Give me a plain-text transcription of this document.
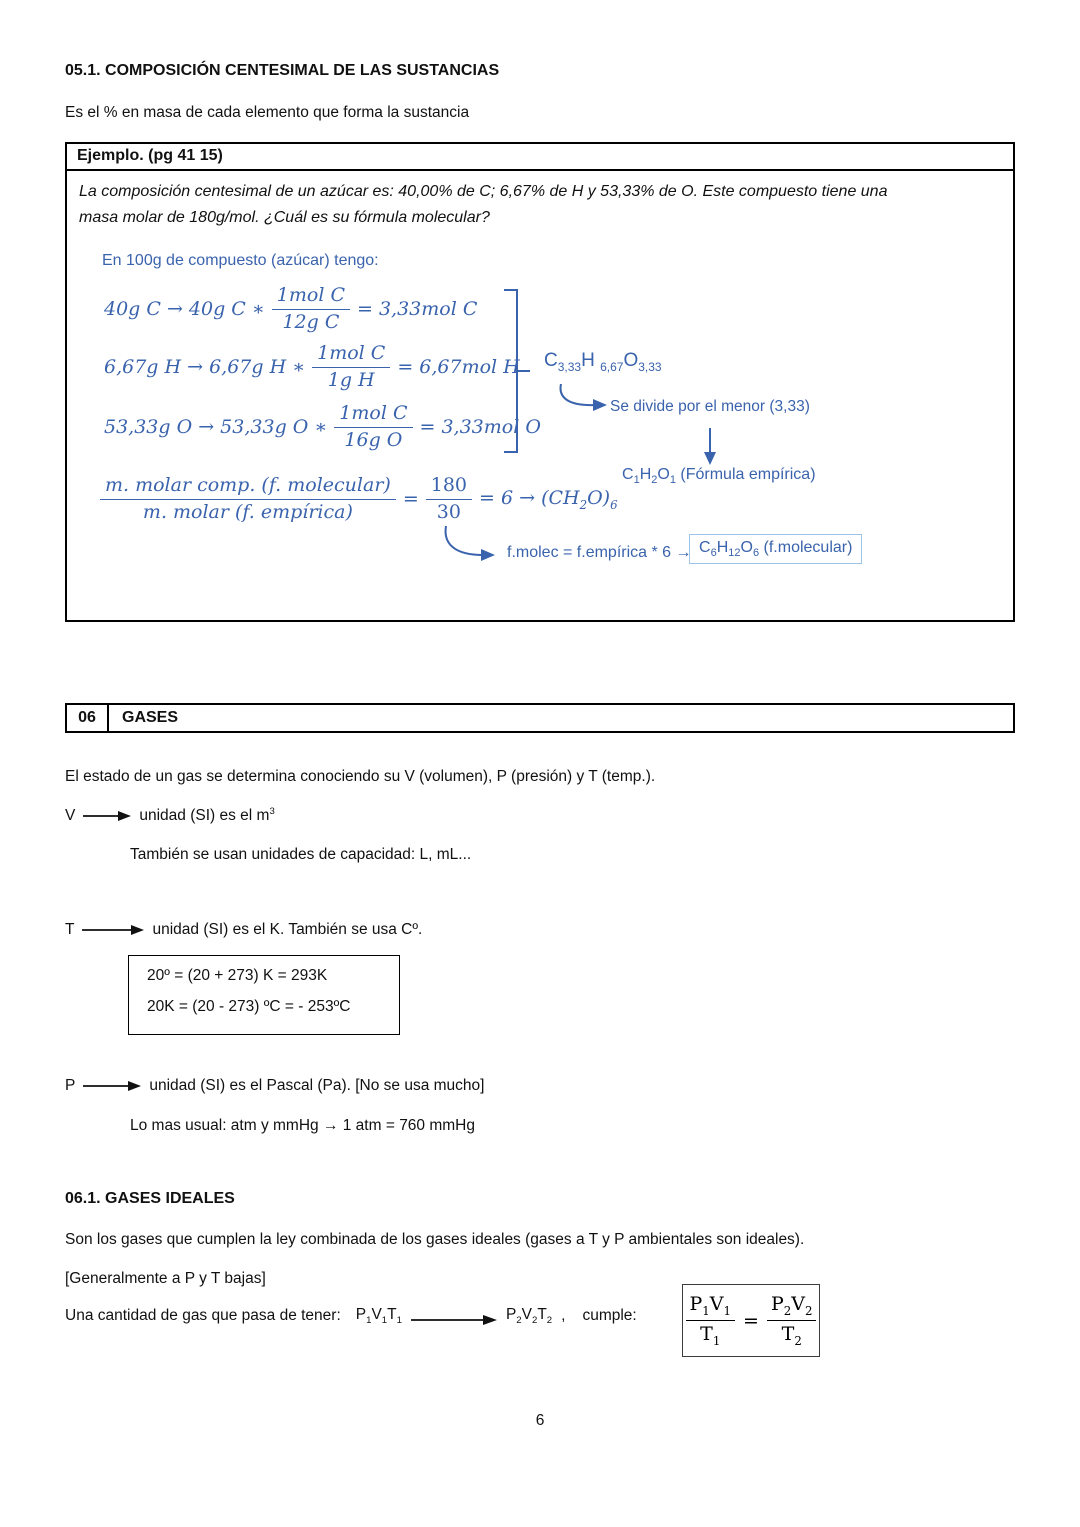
05.1. COMPOSICIÓN CENTESIMAL DE LAS SUSTANCIAS
Es el % en masa de cada elemento que forma la sustancia
Ejemplo. (pg 41 15)
La composición centesimal de un azúcar es: 40,00% de C; 6,67% de H y 53,33% de O. Este compuesto tiene una
masa molar de 180g/mol. ¿Cuál es su fórmula molecular?
En 100g de compuesto (azúcar) tengo:
40g C → 40g C ∗ $\frac{\text{1mol C}}{\text{12g C}} = 3,33mol$ C
6,67g H → 6,67g H ∗ $\frac{\text{1mol C}}{\text{1g H}} = 6,67mol$ H
53,33g O → 53,33g O ∗ $\frac{\text{1mol C}}{\text{16g O}} = 3,33mol$ O
$C_{3,33}H$ $_{6,67}O_{3,33}$
Se divide por el menor (3,33)
$C_1H_2O_1$ (Fórmula empírica)
$\frac{\text{m. molar comp. (f. molecular)}}{\text{m. molar (f. empírica)}} = \frac{180}{30} = 6 \to (CH_2O)_6$
f.molec = f.empírica * $6 \to C_6H_{12}O_6$ (f.molecular)
06	GASES
El estado de un gas se determina conociendo su V (volumen), P (presión) y T (temp.).
V	unidad (SI) es el $m^3$
También se usan unidades de capacidad: L, mL...
T	unidad (SI) es el K. También se usa Cº.
20º = (20 + 273) K = 293K
20K = (20 - 273) ºC = - 253ºC
P	unidad (SI) es el Pascal (Pa). [No se usa mucho]
Lo mas usual: atm y mmHg → 1 atm = 760 mmHg
06.1. GASES IDEALES
Son los gases que cumplen la ley combinada de los gases ideales (gases a T y P ambientales son ideales).
[Generalmente a P y T bajas]
Una cantidad de gas que pasa de tener: $P_1V_1T_1$	$P_2V_2T_2$ , cumple:	$\frac{P_1V_1}{T_1} = \frac{P_2V_2}{T_2}$
6
